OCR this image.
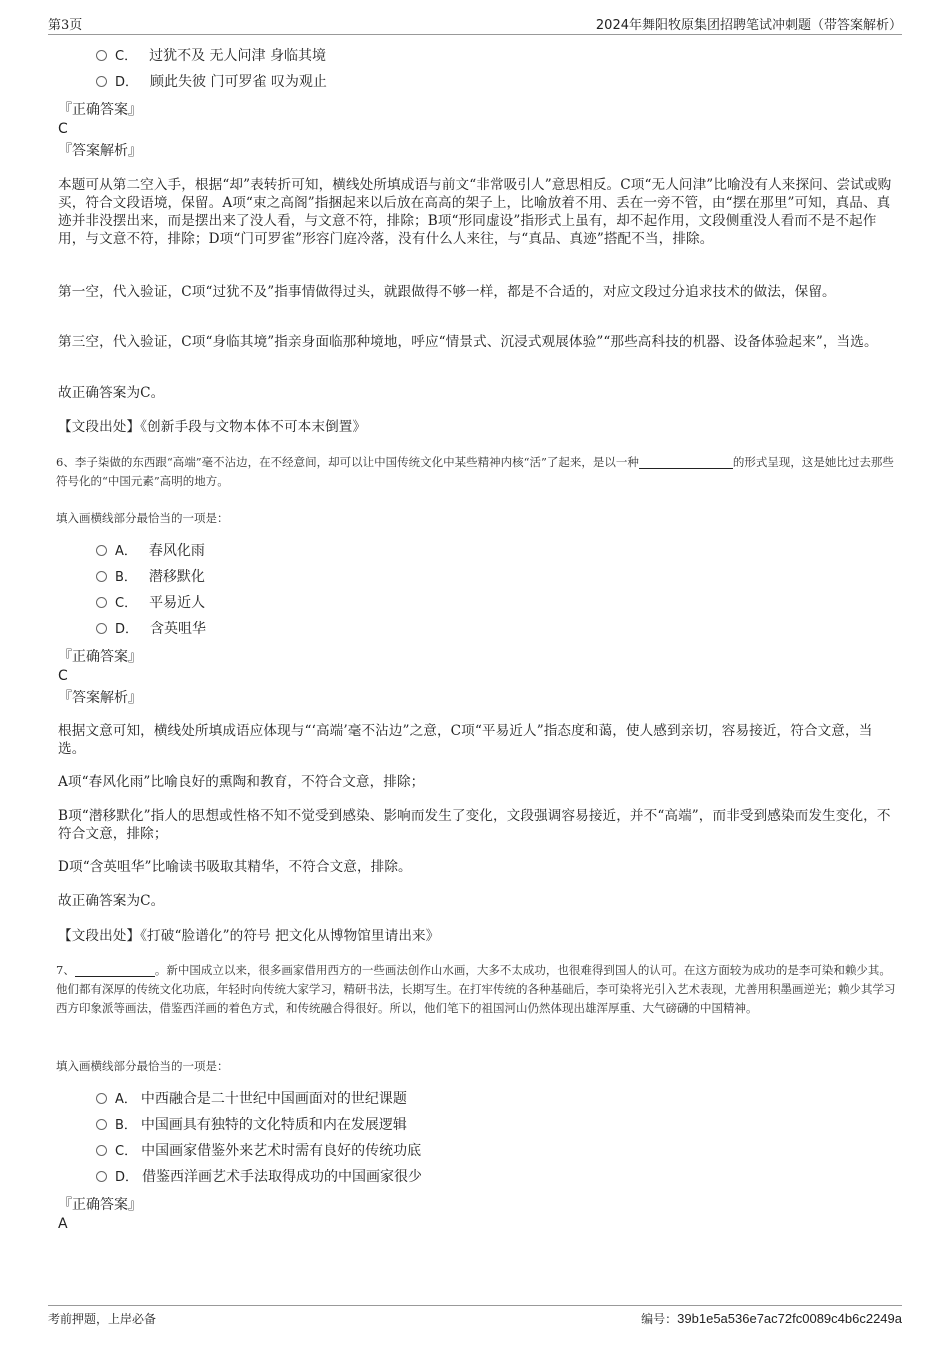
第3页	2024年舞阳牧原集团招聘笔试冲刺题（带答案解析）
C． 过犹不及 无人问津 身临其境
D． 顾此失彼 门可罗雀 叹为观止
『正确答案』
C
『答案解析』
本题可从第二空入手，根据“却”表转折可知，横线处所填成语与前文“非常吸引人”意思相反。C项“无人问津”比喻没有人来探问、尝试或购买，符合文段语境，保留。A项“束之高阁”指捆起来以后放在高高的架子上，比喻放着不用、丢在一旁不管，由“摆在那里”可知，真品、真迹并非没摆出来，而是摆出来了没人看，与文意不符，排除；B项“形同虚设”指形式上虽有，却不起作用，文段侧重没人看而不是不起作用，与文意不符，排除；D项“门可罗雀”形容门庭冷落，没有什么人来往，与“真品、真迹”搭配不当，排除。
第一空，代入验证，C项“过犹不及”指事情做得过头，就跟做得不够一样，都是不合适的，对应文段过分追求技术的做法，保留。
第三空，代入验证，C项“身临其境”指亲身面临那种境地，呼应“情景式、沉浸式观展体验”“那些高科技的机器、设备体验起来”，当选。
故正确答案为C。
【文段出处】《创新手段与文物本体不可本末倒置》
6、李子柒做的东西跟“高端”毫不沾边，在不经意间，却可以让中国传统文化中某些精神内核“活”了起来，是以一种	的形式呈现，这是她比过去那些符号化的“中国元素”高明的地方。
填入画横线部分最恰当的一项是：
A． 春风化雨
B． 潜移默化
C． 平易近人
D． 含英咀华
『正确答案』
C
『答案解析』
根据文意可知，横线处所填成语应体现与“‘高端’毫不沾边”之意，C项“平易近人”指态度和蔼，使人感到亲切，容易接近，符合文意，当选。
A项“春风化雨”比喻良好的熏陶和教育，不符合文意，排除；
B项“潜移默化”指人的思想或性格不知不觉受到感染、影响而发生了变化，文段强调容易接近，并不“高端”，而非受到感染而发生变化，不符合文意，排除；
D项“含英咀华”比喻读书吸取其精华，不符合文意，排除。
故正确答案为C。
【文段出处】《打破“脸谱化”的符号 把文化从博物馆里请出来》
7、	。新中国成立以来，很多画家借用西方的一些画法创作山水画，大多不太成功，也很难得到国人的认可。在这方面较为成功的是李可染和赖少其。他们都有深厚的传统文化功底，年轻时向传统大家学习，精研书法，长期写生。在打牢传统的各种基础后，李可染将光引入艺术表现，尤善用积墨画逆光；赖少其学习西方印象派等画法，借鉴西洋画的着色方式，和传统融合得很好。所以，他们笔下的祖国河山仍然体现出雄浑厚重、大气磅礴的中国精神。
填入画横线部分最恰当的一项是：
A． 中西融合是二十世纪中国画面对的世纪课题
B． 中国画具有独特的文化特质和内在发展逻辑
C． 中国画家借鉴外来艺术时需有良好的传统功底
D． 借鉴西洋画艺术手法取得成功的中国画家很少
『正确答案』
A
考前押题，上岸必备	编号：39b1e5a536e7ac72fc0089c4b6c2249a
